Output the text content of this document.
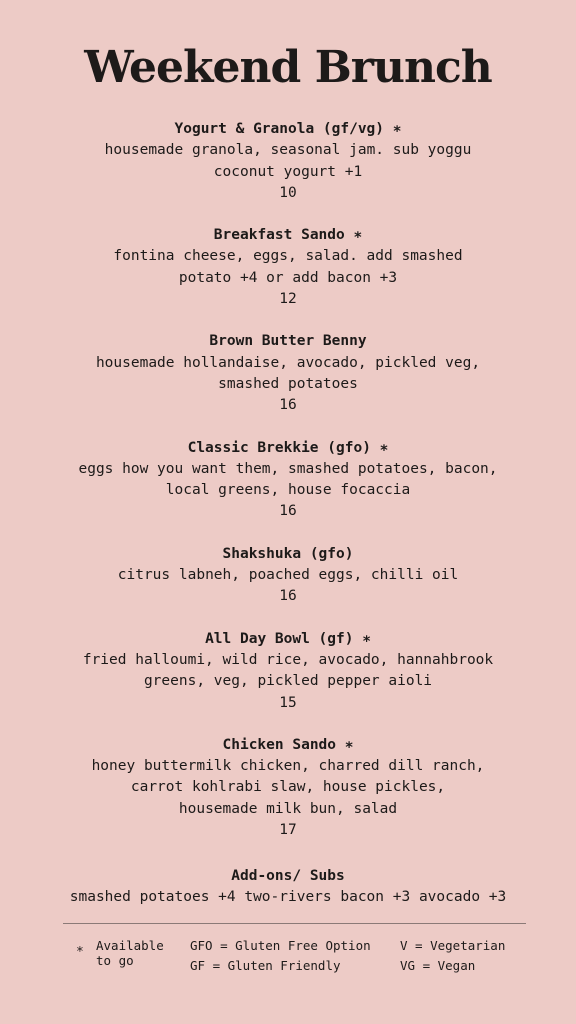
Weekend Brunch
Yogurt & Granola (gf/vg) ∗
housemade granola, seasonal jam. sub yoggu
coconut yogurt +1
10
Breakfast Sando ∗
fontina cheese, eggs, salad. add smashed
potato +4 or add bacon +3
12
Brown Butter Benny
housemade hollandaise, avocado, pickled veg,
smashed potatoes
16
Classic Brekkie (gfo) ∗
eggs how you want them, smashed potatoes, bacon,
local greens, house focaccia
16
Shakshuka (gfo)
citrus labneh, poached eggs, chilli oil
16
All Day Bowl (gf) ∗
fried halloumi, wild rice, avocado, hannahbrook
greens, veg, pickled pepper aioli
15
Chicken Sando ∗
honey buttermilk chicken, charred dill ranch,
carrot kohlrabi slaw, house pickles,
housemade milk bun, salad
17
Add-ons/ Subs
smashed potatoes +4 two-rivers bacon +3 avocado +3
∗ Available to go
GFO = Gluten Free Option
GF = Gluten Friendly
V = Vegetarian
VG = Vegan
